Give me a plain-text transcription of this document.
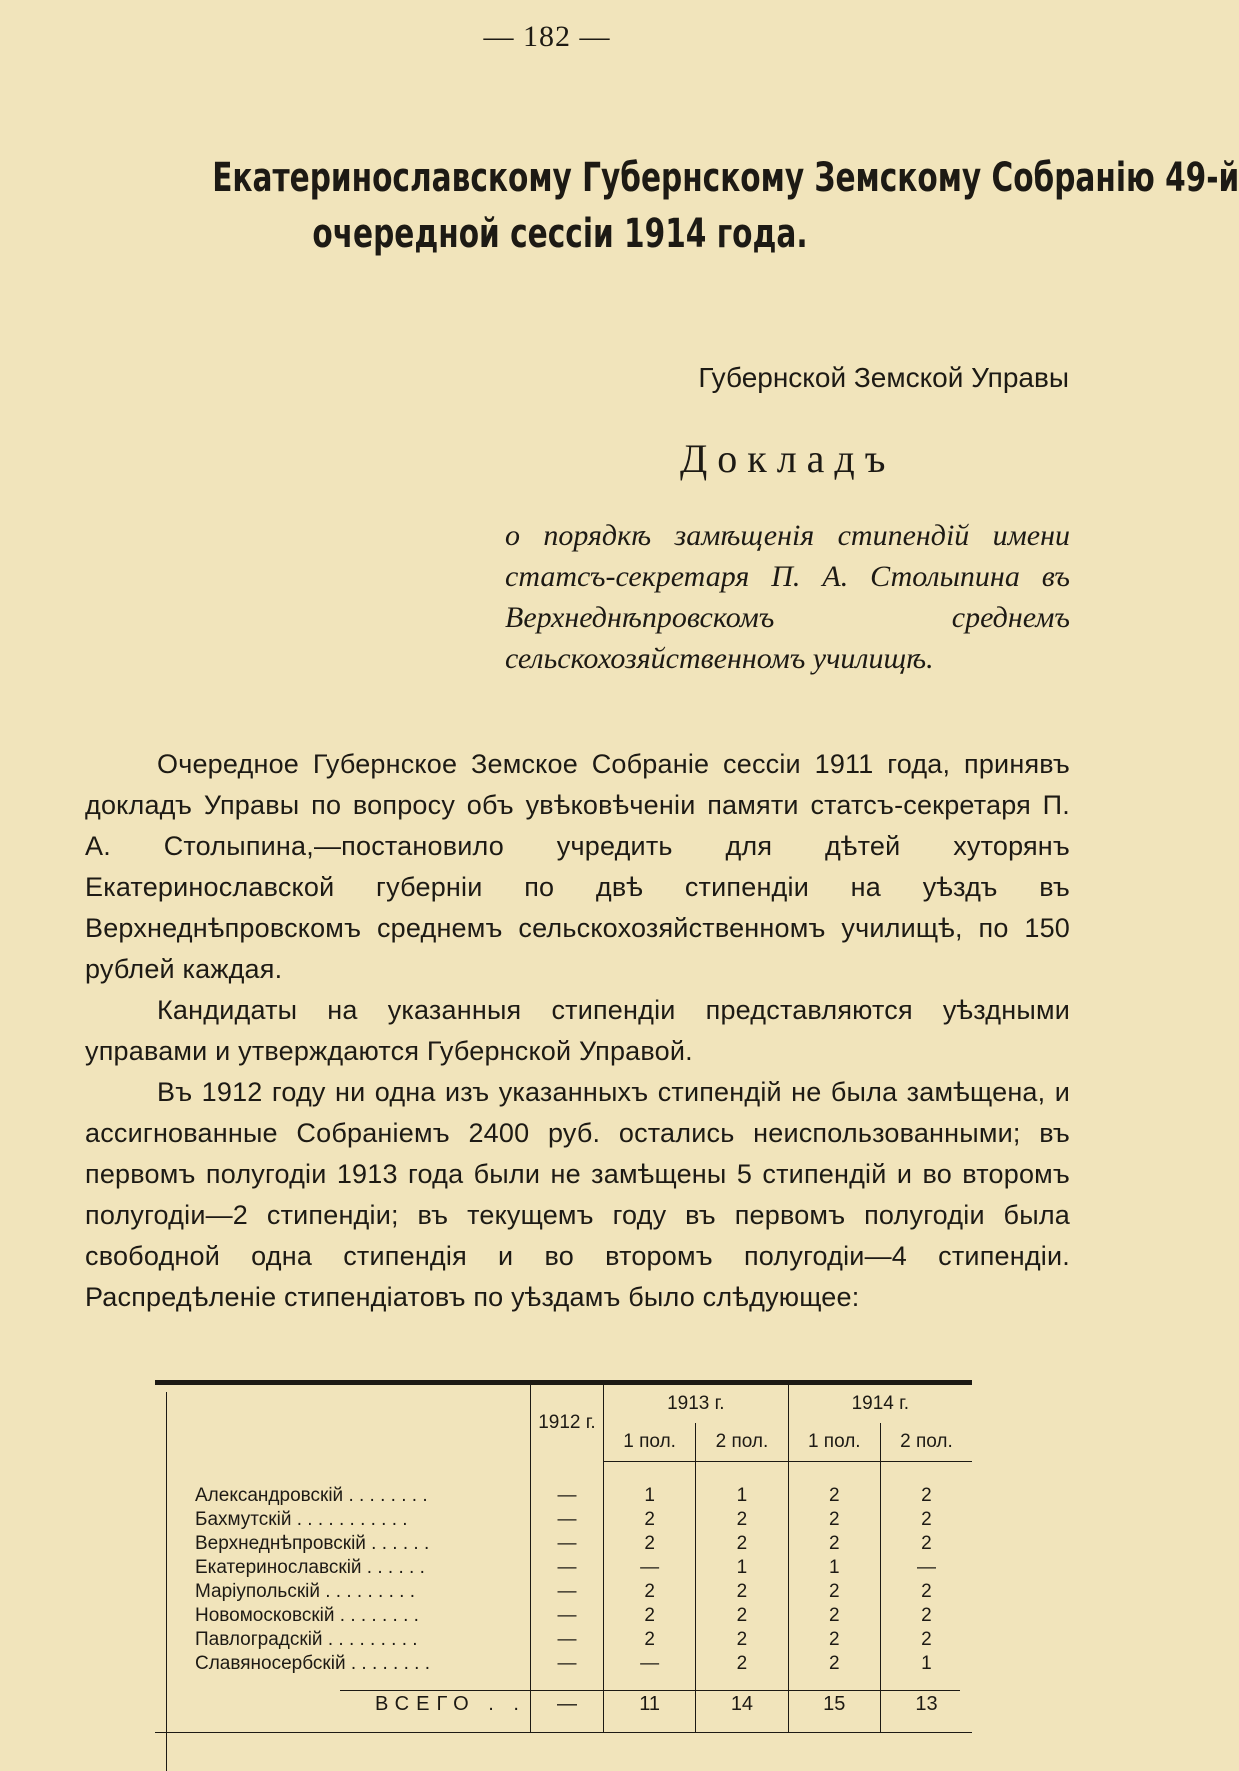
— 182 —
Екатеринославскому Губернскому Земскому Собранію 49-й
очередной сессіи 1914 года.
Губернской Земской Управы
Докладъ
о порядкѣ замѣщенія стипендій имени статсъ-секретаря П. А. Столыпина въ Верхнеднѣпровскомъ среднемъ сельскохозяйственномъ училищѣ.

Очередное Губернское Земское Собраніе сессіи 1911 года, принявъ докладъ Управы по вопросу объ увѣковѣченіи памяти статсъ-секретаря П. А. Столыпина,—постановило учредить для дѣтей хуторянъ Екатеринославской губерніи по двѣ стипендіи на уѣздъ въ Верхнеднѣпровскомъ среднемъ сельскохозяйственномъ училищѣ, по 150 рублей каждая.

Кандидаты на указанныя стипендіи представляются уѣздными управами и утверждаются Губернской Управой.

Въ 1912 году ни одна изъ указанныхъ стипендій не была замѣщена, и ассигнованные Собраніемъ 2400 руб. остались неиспользованными; въ первомъ полугодіи 1913 года были не замѣщены 5 стипендій и во второмъ полугодіи—2 стипендіи; въ текущемъ году въ первомъ полугодіи была свободной одна стипендія и во второмъ полугодіи—4 стипендіи. Распредѣленіе стипендіатовъ по уѣздамъ было слѣдующее:

	1912 г.	1913 г.		1914 г.	
		1 пол.	2 пол.	1 пол.	2 пол.

Александровскій . . . . . . . .	—	1	1	2	2
Бахмутскій . . . . . . . . . . .	—	2	2	2	2
Верхнеднѣпровскій . . . . . .	—	2	2	2	2
Екатеринославскій . . . . . .	—	—	1	1	—
Маріупольскій . . . . . . . . .	—	2	2	2	2
Новомосковскій . . . . . . . .	—	2	2	2	2
Павлоградскій . . . . . . . . .	—	2	2	2	2
Славяносербскій . . . . . . . .	—	—	2	2	1
ВСЕГО . .	—	11	14	15	13
